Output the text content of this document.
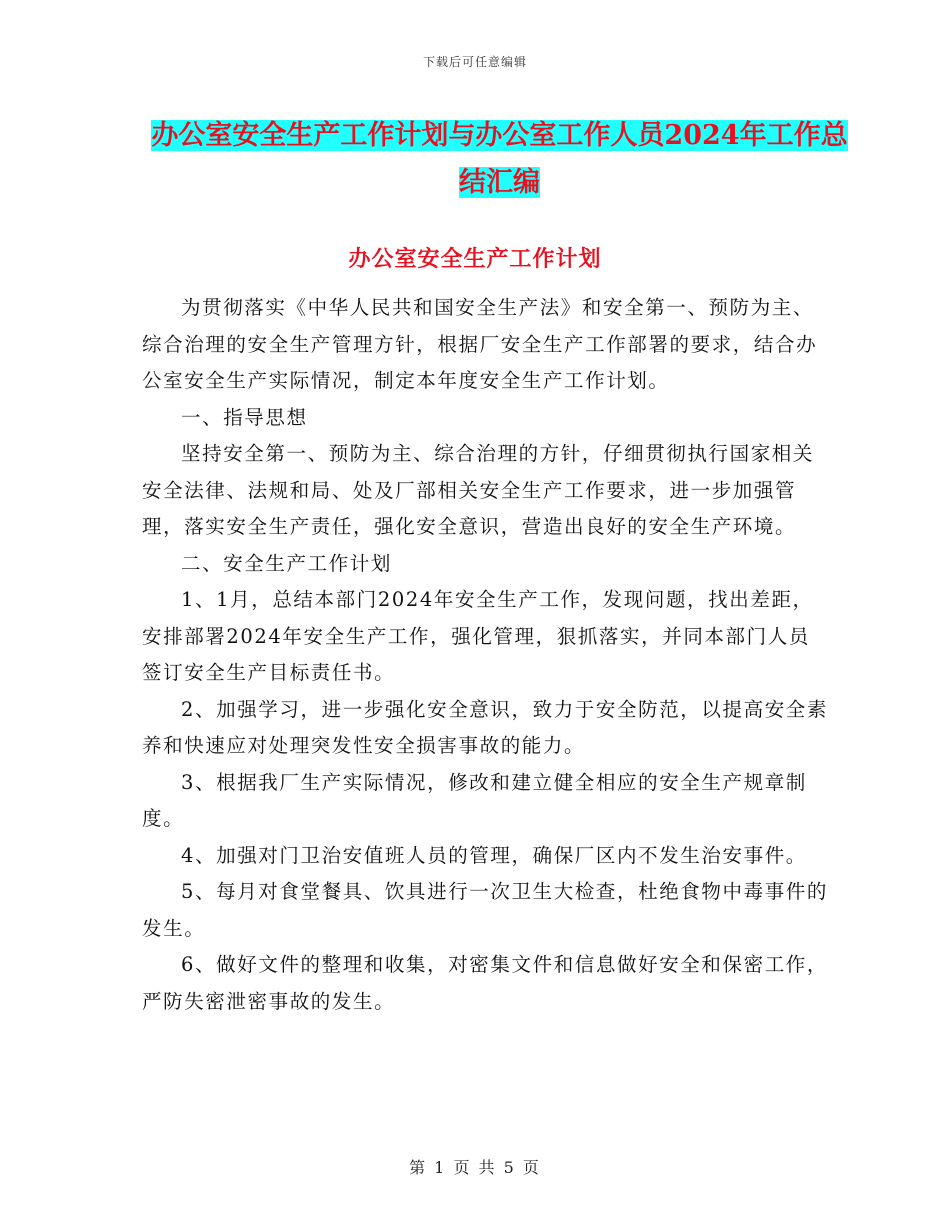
下载后可任意编辑
办公室安全生产工作计划与办公室工作人员2024年工作总结汇编
办公室安全生产工作计划

为贯彻落实《中华人民共和国安全生产法》和安全第一、预防为主、综合治理的安全生产管理方针，根据厂安全生产工作部署的要求，结合办公室安全生产实际情况，制定本年度安全生产工作计划。

一、指导思想

坚持安全第一、预防为主、综合治理的方针，仔细贯彻执行国家相关安全法律、法规和局、处及厂部相关安全生产工作要求，进一步加强管理，落实安全生产责任，强化安全意识，营造出良好的安全生产环境。

二、安全生产工作计划

1、1月，总结本部门2024年安全生产工作，发现问题，找出差距，安排部署2024年安全生产工作，强化管理，狠抓落实，并同本部门人员签订安全生产目标责任书。

2、加强学习，进一步强化安全意识，致力于安全防范，以提高安全素养和快速应对处理突发性安全损害事故的能力。

3、根据我厂生产实际情况，修改和建立健全相应的安全生产规章制度。

4、加强对门卫治安值班人员的管理，确保厂区内不发生治安事件。

5、每月对食堂餐具、饮具进行一次卫生大检查，杜绝食物中毒事件的发生。

6、做好文件的整理和收集，对密集文件和信息做好安全和保密工作，严防失密泄密事故的发生。

第 1 页 共 5 页
